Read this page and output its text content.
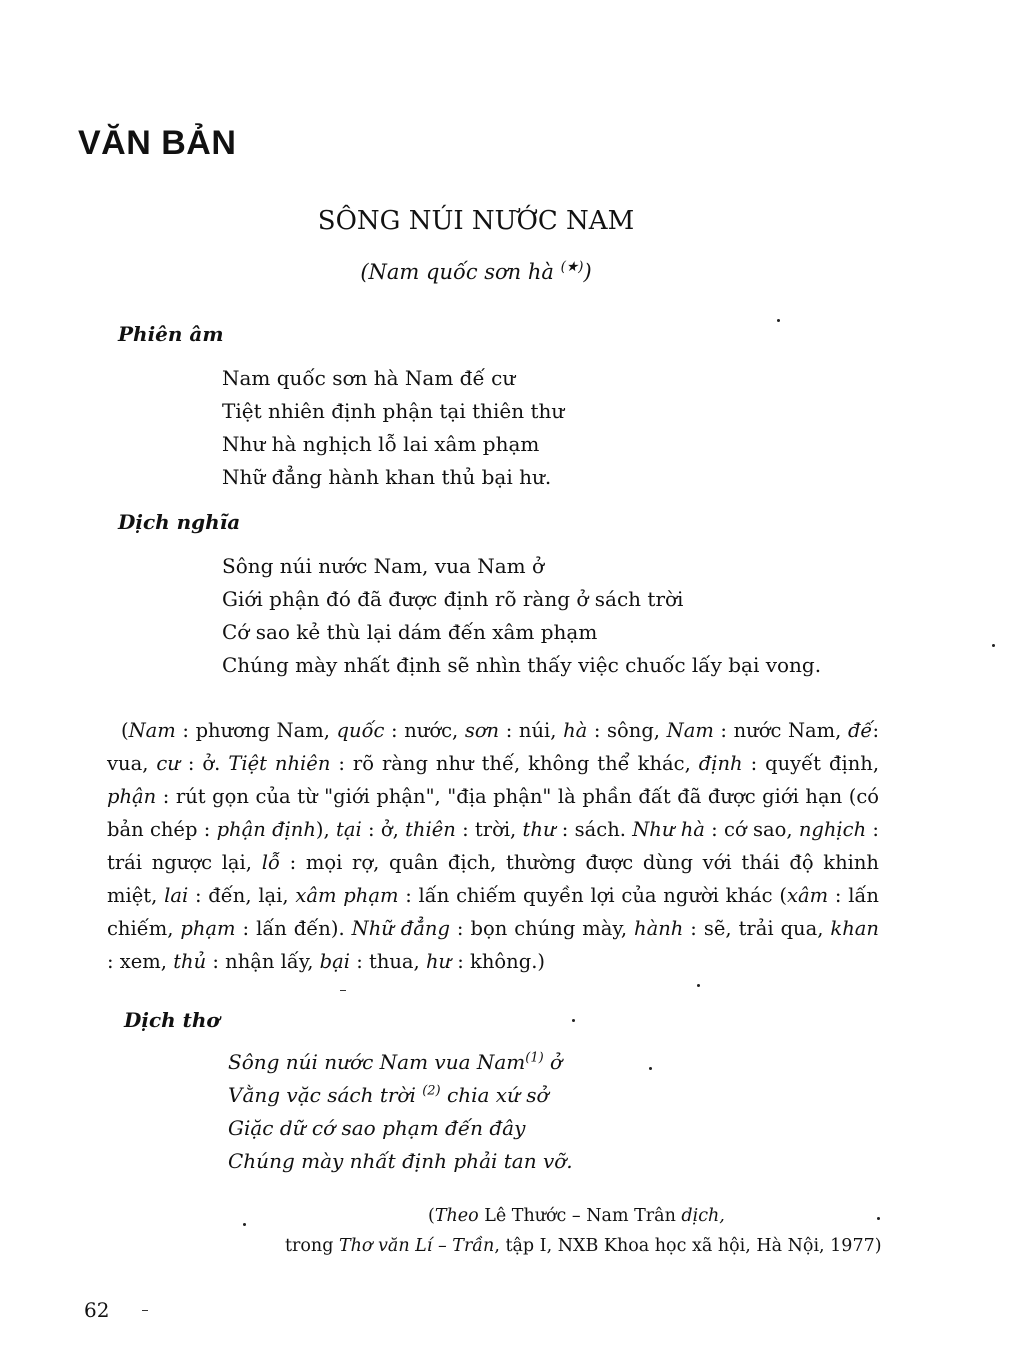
VĂN BẢN
SÔNG NÚI NƯỚC NAM
(Nam quốc sơn hà (★))
Phiên âm
Nam quốc sơn hà Nam đế cư
Tiệt nhiên định phận tại thiên thư
Như hà nghịch lỗ lai xâm phạm
Nhữ đẳng hành khan thủ bại hư.
Dịch nghĩa
Sông núi nước Nam, vua Nam ở
Giới phận đó đã được định rõ ràng ở sách trời
Cớ sao kẻ thù lại dám đến xâm phạm
Chúng mày nhất định sẽ nhìn thấy việc chuốc lấy bại vong.

(Nam : phương Nam, quốc : nước, sơn : núi, hà : sông, Nam : nước Nam, đế: vua, cư : ở. Tiệt nhiên : rõ ràng như thế, không thể khác, định : quyết định, phận : rút gọn của từ "giới phận", "địa phận" là phần đất đã được giới hạn (có bản chép : phận định), tại : ở, thiên : trời, thư : sách. Như hà : cớ sao, nghịch : trái ngược lại, lỗ : mọi rợ, quân địch, thường được dùng với thái độ khinh miệt, lai : đến, lại, xâm phạm : lấn chiếm quyền lợi của người khác (xâm : lấn chiếm, phạm : lấn đến). Nhữ đẳng : bọn chúng mày, hành : sẽ, trải qua, khan : xem, thủ : nhận lấy, bại : thua, hư : không.)

Dịch thơ
Sông núi nước Nam vua Nam$^{(1)}$ ở
Vằng vặc sách trời $^{(2)}$ chia xứ sở
Giặc dữ cớ sao phạm đến đây
Chúng mày nhất định phải tan vỡ.
(Theo Lê Thước – Nam Trân dịch,
trong Thơ văn Lí – Trần, tập I, NXB Khoa học xã hội, Hà Nội, 1977)
62
